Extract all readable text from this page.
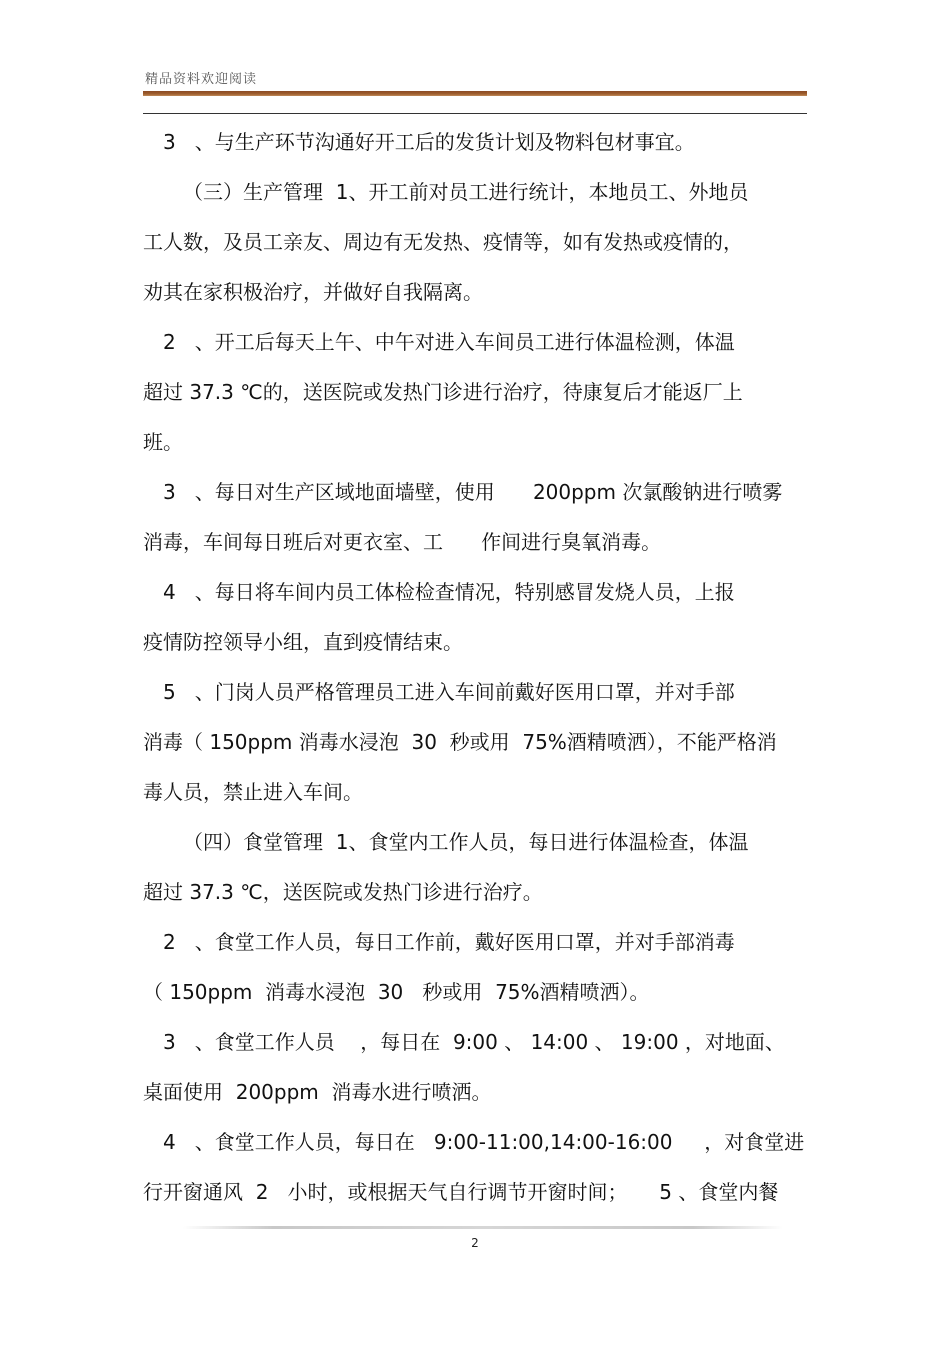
精品资料欢迎阅读
3   、与生产环节沟通好开工后的发货计划及物料包材事宜。
（三）生产管理  1、开工前对员工进行统计，本地员工、外地员
工人数，及员工亲友、周边有无发热、疫情等，如有发热或疫情的，
劝其在家积极治疗，并做好自我隔离。
2   、开工后每天上午、中午对进入车间员工进行体温检测，体温
超过 37.3 ℃的，送医院或发热门诊进行治疗，待康复后才能返厂上
班。
3   、每日对生产区域地面墙壁，使用      200ppm 次氯酸钠进行喷雾
消毒，车间每日班后对更衣室、工      作间进行臭氧消毒。
4   、每日将车间内员工体检检查情况，特别感冒发烧人员，上报
疫情防控领导小组，直到疫情结束。
5   、门岗人员严格管理员工进入车间前戴好医用口罩，并对手部
消毒（ 150ppm 消毒水浸泡  30  秒或用  75%酒精喷洒），不能严格消
毒人员，禁止进入车间。
（四）食堂管理  1、食堂内工作人员，每日进行体温检查，体温
超过 37.3 ℃，送医院或发热门诊进行治疗。
2   、食堂工作人员，每日工作前，戴好医用口罩，并对手部消毒
（ 150ppm  消毒水浸泡  30   秒或用  75%酒精喷洒）。
3   、食堂工作人员    ，每日在  9:00 、 14:00 、 19:00 ，对地面、
桌面使用  200ppm  消毒水进行喷洒。
4   、食堂工作人员，每日在   9:00-11:00,14:00-16:00     ，对食堂进
行开窗通风  2   小时，或根据天气自行调节开窗时间；     5 、食堂内餐
2
